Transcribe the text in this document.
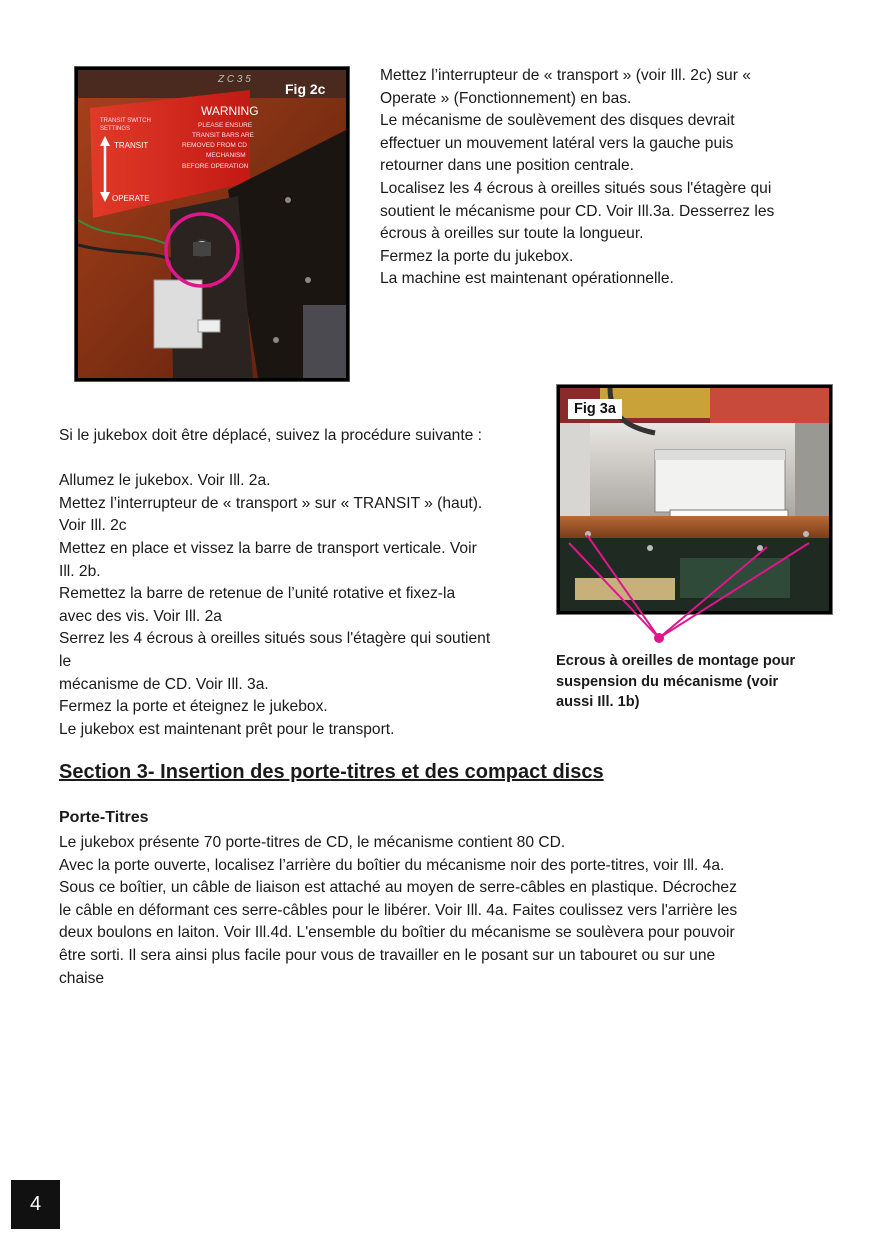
Z C 3 5
TRANSIT SWITCH
SETTINGS
TRANSIT
OPERATE
WARNING
PLEASE ENSURE
TRANSIT BARS ARE
REMOVED FROM CD
MECHANISM
BEFORE OPERATION
Fig 2c
Mettez l’interrupteur de « transport » (voir Ill. 2c) sur «
Operate » (Fonctionnement) en bas.
Le mécanisme de soulèvement des disques devrait
effectuer un mouvement latéral vers la gauche puis
retourner dans une position centrale.
Localisez les 4 écrous à oreilles situés sous l'étagère qui
soutient le mécanisme pour CD. Voir Ill.3a. Desserrez les
écrous à oreilles sur toute la longueur.
Fermez la porte du jukebox.
La machine est maintenant opérationnelle.
Fig 3a
Ecrous à oreilles de montage pour
suspension du mécanisme (voir
aussi Ill. 1b)
Si le jukebox doit être déplacé, suivez la procédure suivante :
Allumez le jukebox. Voir Ill. 2a.
Mettez l’interrupteur de « transport » sur « TRANSIT » (haut).
Voir Ill. 2c
Mettez en place et vissez la barre de transport verticale. Voir
Ill. 2b.
Remettez la barre de retenue de l’unité rotative et fixez-la
avec des vis. Voir Ill. 2a
Serrez les 4 écrous à oreilles situés sous l'étagère qui soutient
le
mécanisme de CD. Voir Ill. 3a.
Fermez la porte et éteignez le jukebox.
Le jukebox est maintenant prêt pour le transport.
Section 3- Insertion des porte-titres et des compact discs
Porte-Titres
Le jukebox présente 70 porte-titres de CD, le mécanisme contient 80 CD.
Avec la porte ouverte, localisez l’arrière du boîtier du mécanisme noir des porte-titres, voir Ill. 4a.
Sous ce boîtier, un câble de liaison est attaché au moyen de serre-câbles en plastique. Décrochez
le câble en déformant ces serre-câbles pour le libérer. Voir Ill. 4a. Faites coulissez vers l'arrière les
deux boulons en laiton. Voir Ill.4d. L'ensemble du boîtier du mécanisme se soulèvera pour pouvoir
être sorti. Il sera ainsi plus facile pour vous de travailler en le posant sur un tabouret ou sur une
chaise
4
